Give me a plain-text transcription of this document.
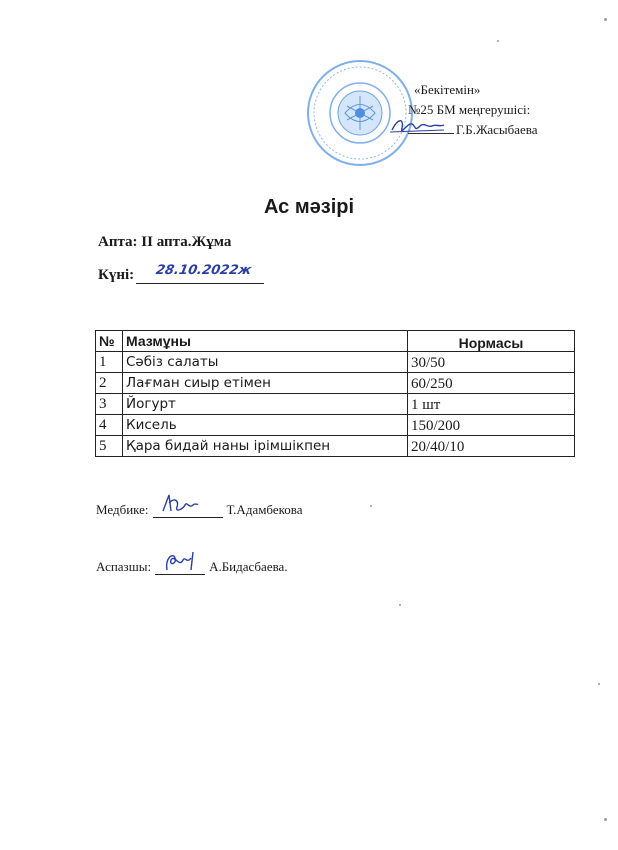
«Бекітемін»
№25 БМ меңгерушісі:
Г.Б.Жасыбаева
Ас мәзірі
Апта: II апта.Жұма
Күні: 28.10.2022ж
№	Мазмұны	Нормасы
1	Сәбіз салаты	30/50
2	Лағман сиыр етімен	60/250
3	Йогурт	1 шт
4	Кисель	150/200
5	Қара бидай наны ірімшікпен	20/40/10
Медбике:	Т.Адамбекова
Аспазшы:	А.Бидасбаева.
